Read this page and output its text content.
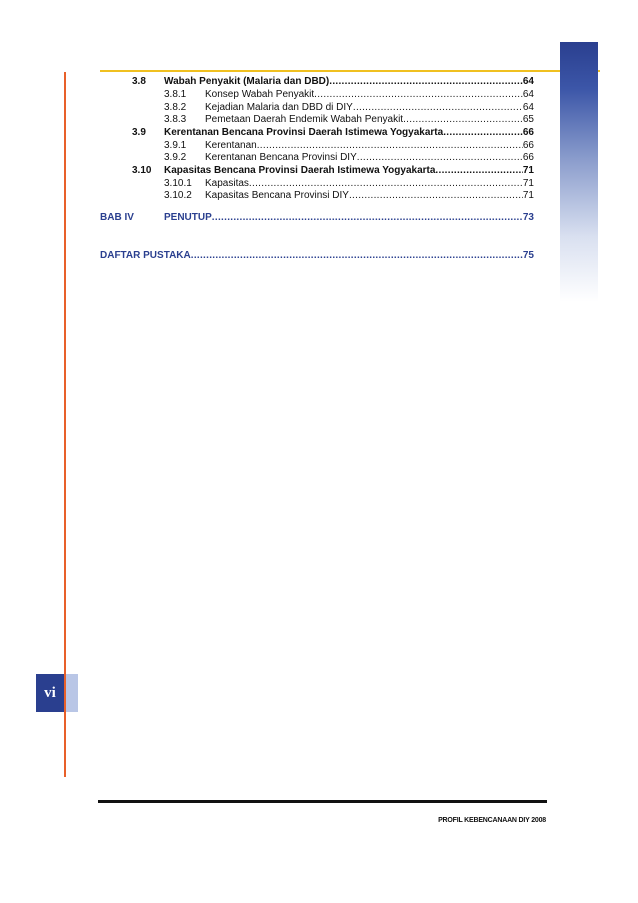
vi
PROFIL KEBENCANAAN DIY 2008
3.8 Wabah Penyakit (Malaria dan DBD) .....	64
3.8.1 Konsep Wabah Penyakit .....	64
3.8.2 Kejadian Malaria dan DBD di DIY .....	64
3.8.3 Pemetaan Daerah Endemik Wabah Penyakit .....	65
3.9 Kerentanan Bencana Provinsi Daerah Istimewa Yogyakarta .....	66
3.9.1 Kerentanan .....	66
3.9.2 Kerentanan Bencana Provinsi DIY .....	66
3.10 Kapasitas Bencana Provinsi Daerah Istimewa Yogyakarta .....	71
3.10.1 Kapasitas .....	71
3.10.2 Kapasitas Bencana Provinsi DIY .....	71
BAB IV	PENUTUP .....	73
DAFTAR PUSTAKA .....	75
